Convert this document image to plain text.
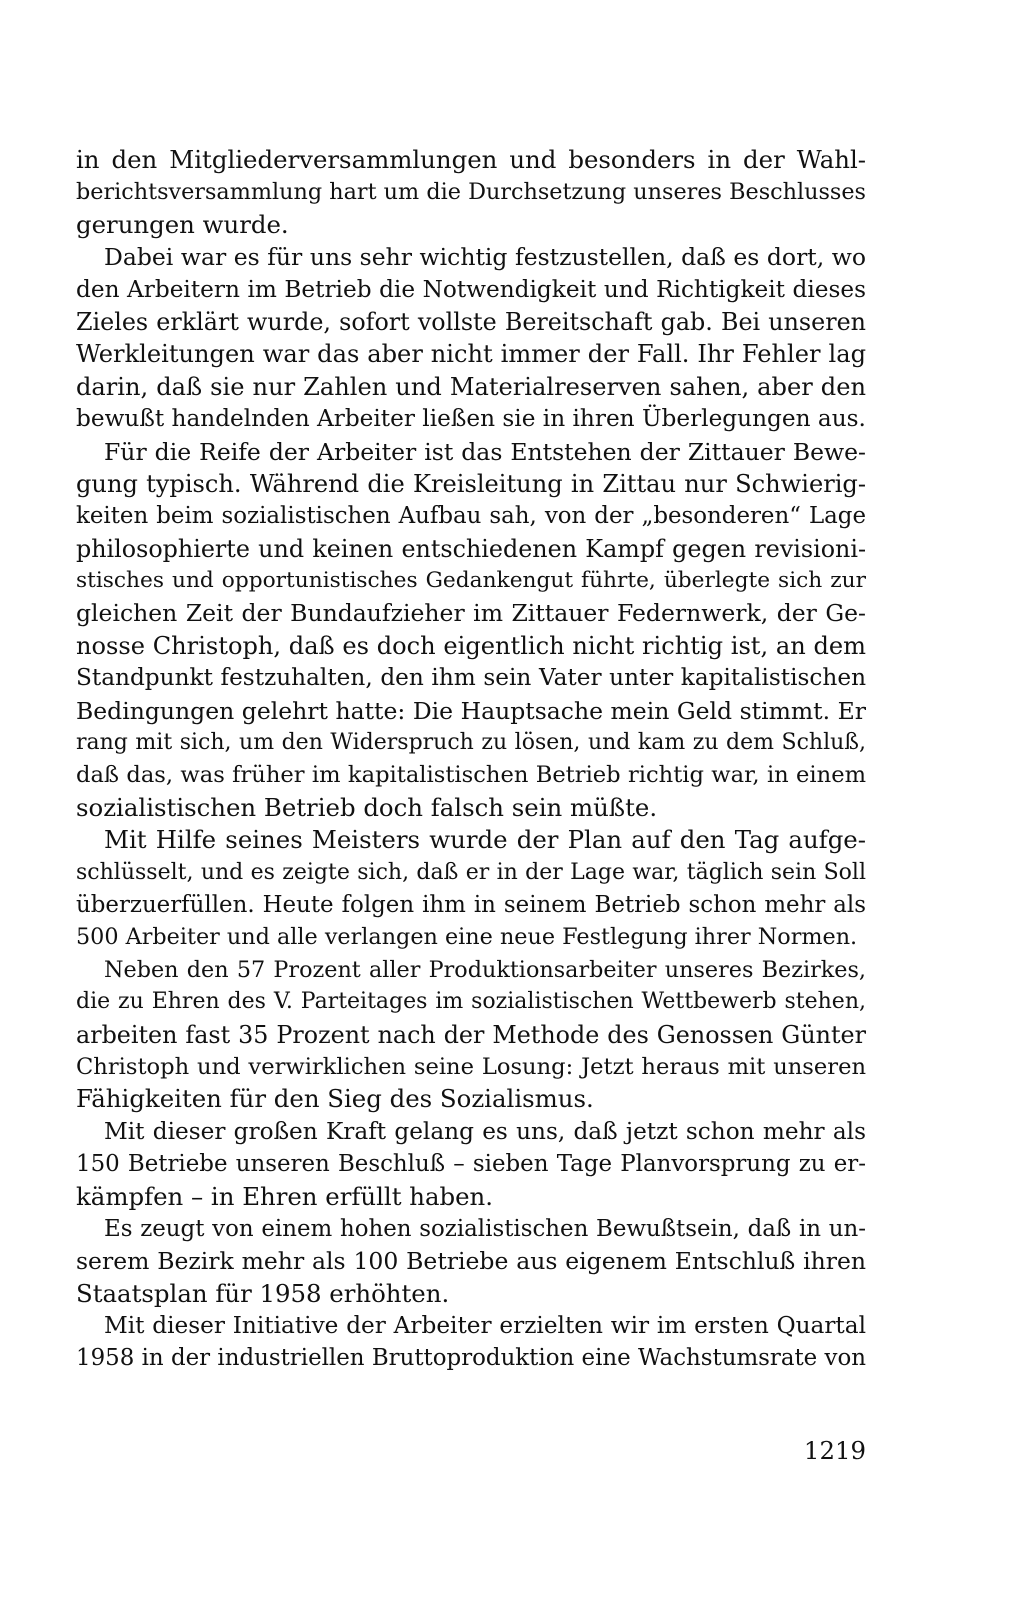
in den Mitgliederversammlungen und besonders in der Wahl-
berichtsversammlung hart um die Durchsetzung unseres Beschlusses
gerungen wurde.
Dabei war es für uns sehr wichtig festzustellen, daß es dort, wo
den Arbeitern im Betrieb die Notwendigkeit und Richtigkeit dieses
Zieles erklärt wurde, sofort vollste Bereitschaft gab. Bei unseren
Werkleitungen war das aber nicht immer der Fall. Ihr Fehler lag
darin, daß sie nur Zahlen und Materialreserven sahen, aber den
bewußt handelnden Arbeiter ließen sie in ihren Überlegungen aus.
Für die Reife der Arbeiter ist das Entstehen der Zittauer Bewe-
gung typisch. Während die Kreisleitung in Zittau nur Schwierig-
keiten beim sozialistischen Aufbau sah, von der „besonderen“ Lage
philosophierte und keinen entschiedenen Kampf gegen revisioni-
stisches und opportunistisches Gedankengut führte, überlegte sich zur
gleichen Zeit der Bundaufzieher im Zittauer Federnwerk, der Ge-
nosse Christoph, daß es doch eigentlich nicht richtig ist, an dem
Standpunkt festzuhalten, den ihm sein Vater unter kapitalistischen
Bedingungen gelehrt hatte: Die Hauptsache mein Geld stimmt. Er
rang mit sich, um den Widerspruch zu lösen, und kam zu dem Schluß,
daß das, was früher im kapitalistischen Betrieb richtig war, in einem
sozialistischen Betrieb doch falsch sein müßte.
Mit Hilfe seines Meisters wurde der Plan auf den Tag aufge-
schlüsselt, und es zeigte sich, daß er in der Lage war, täglich sein Soll
überzuerfüllen. Heute folgen ihm in seinem Betrieb schon mehr als
500 Arbeiter und alle verlangen eine neue Festlegung ihrer Normen.
Neben den 57 Prozent aller Produktionsarbeiter unseres Bezirkes,
die zu Ehren des V. Parteitages im sozialistischen Wettbewerb stehen,
arbeiten fast 35 Prozent nach der Methode des Genossen Günter
Christoph und verwirklichen seine Losung: Jetzt heraus mit unseren
Fähigkeiten für den Sieg des Sozialismus.
Mit dieser großen Kraft gelang es uns, daß jetzt schon mehr als
150 Betriebe unseren Beschluß – sieben Tage Planvorsprung zu er-
kämpfen – in Ehren erfüllt haben.
Es zeugt von einem hohen sozialistischen Bewußtsein, daß in un-
serem Bezirk mehr als 100 Betriebe aus eigenem Entschluß ihren
Staatsplan für 1958 erhöhten.
Mit dieser Initiative der Arbeiter erzielten wir im ersten Quartal
1958 in der industriellen Bruttoproduktion eine Wachstumsrate von
1219
